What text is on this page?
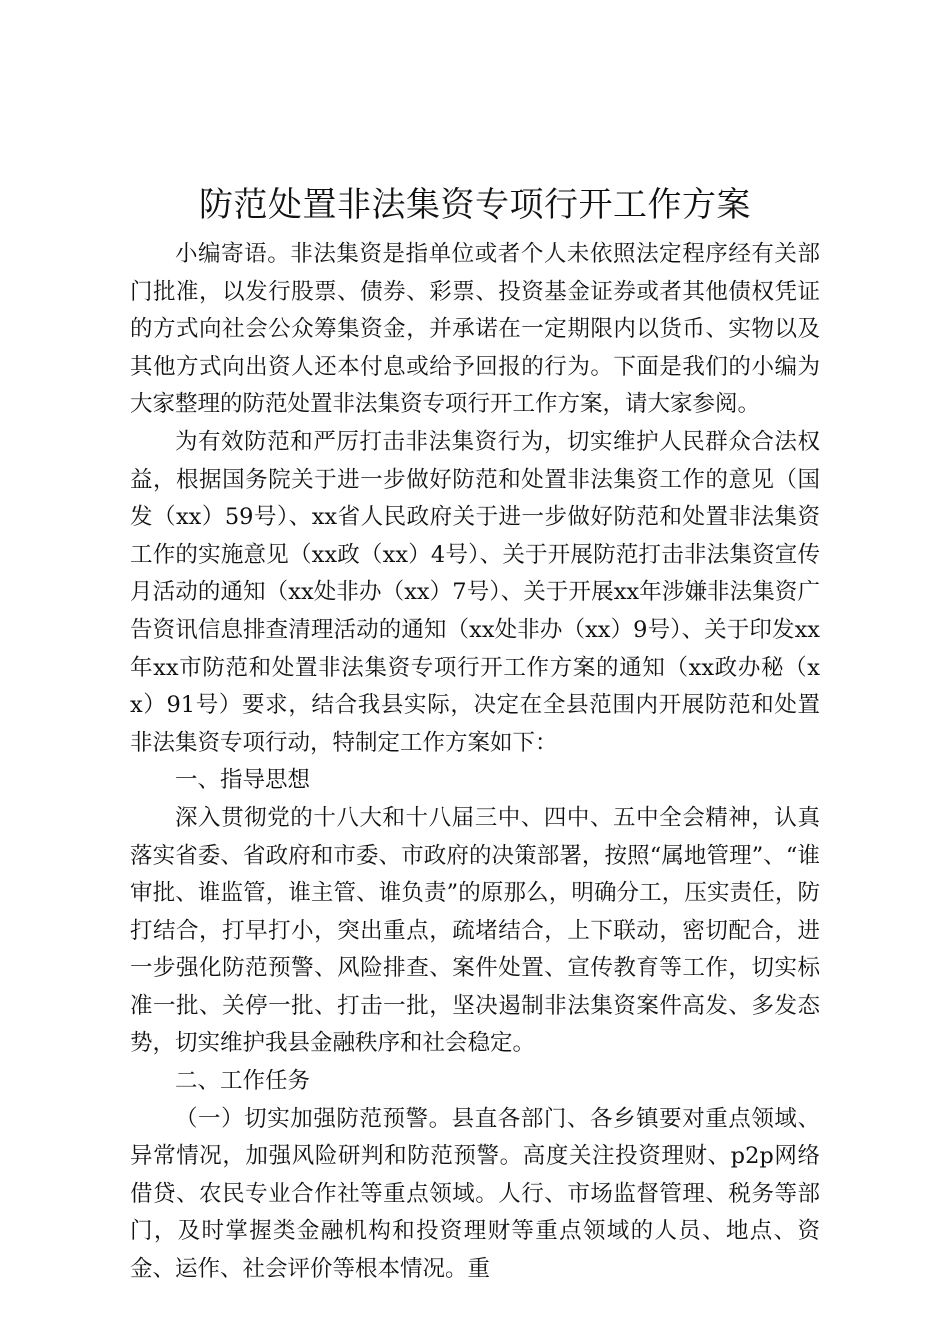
防范处置非法集资专项行开工作方案

小编寄语。非法集资是指单位或者个人未依照法定程序经有关部门批准，以发行股票、债券、彩票、投资基金证券或者其他债权凭证的方式向社会公众筹集资金，并承诺在一定期限内以货币、实物以及其他方式向出资人还本付息或给予回报的行为。下面是我们的小编为大家整理的防范处置非法集资专项行开工作方案，请大家参阅。

为有效防范和严厉打击非法集资行为，切实维护人民群众合法权益，根据国务院关于进一步做好防范和处置非法集资工作的意见（国发（xx）59号）、xx省人民政府关于进一步做好防范和处置非法集资工作的实施意见（xx政（xx）4号）、关于开展防范打击非法集资宣传月活动的通知（xx处非办（xx）7号）、关于开展xx年涉嫌非法集资广告资讯信息排查清理活动的通知（xx处非办（xx）9号）、关于印发xx年xx市防范和处置非法集资专项行开工作方案的通知（xx政办秘（xx）91号）要求，结合我县实际，决定在全县范围内开展防范和处置非法集资专项行动，特制定工作方案如下：

一、指导思想

深入贯彻党的十八大和十八届三中、四中、五中全会精神，认真落实省委、省政府和市委、市政府的决策部署，按照“属地管理”、“谁审批、谁监管，谁主管、谁负责”的原那么，明确分工，压实责任，防打结合，打早打小，突出重点，疏堵结合，上下联动，密切配合，进一步强化防范预警、风险排查、案件处置、宣传教育等工作，切实标准一批、关停一批、打击一批，坚决遏制非法集资案件高发、多发态势，切实维护我县金融秩序和社会稳定。

二、工作任务

（一）切实加强防范预警。县直各部门、各乡镇要对重点领域、异常情况，加强风险研判和防范预警。高度关注投资理财、p2p网络借贷、农民专业合作社等重点领域。人行、市场监督管理、税务等部门，及时掌握类金融机构和投资理财等重点领域的人员、地点、资金、运作、社会评价等根本情况。重
